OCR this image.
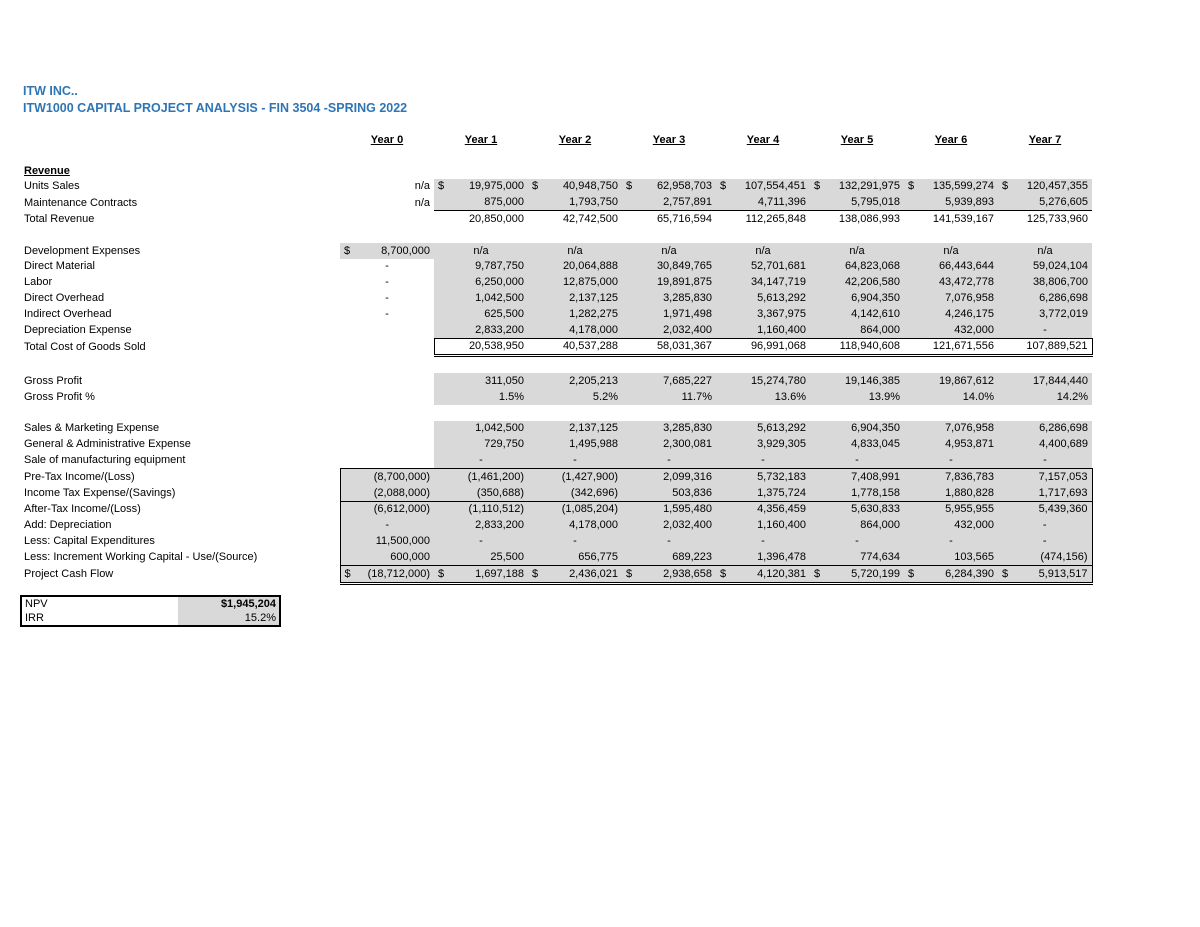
ITW INC..
ITW1000 CAPITAL PROJECT ANALYSIS - FIN 3504 -SPRING 2022
	Year 0	Year 1	Year 2	Year 3	Year 4	Year 5	Year 6	Year 7

Revenue								
Units Sales	n/a	$ 19,975,000	$ 40,948,750	$ 62,958,703	$ 107,554,451	$ 132,291,975	$ 135,599,274	$ 120,457,355

Maintenance Contracts	n/a	875,000	1,793,750	2,757,891	4,711,396	5,795,018	5,939,893	5,276,605
Total Revenue		20,850,000	42,742,500	65,716,594	112,265,848	138,086,993	141,539,167	125,733,960

Development Expenses	$ 8,700,000	n/a	n/a	n/a	n/a	n/a	n/a	n/a
Direct Material	-	9,787,750	20,064,888	30,849,765	52,701,681	64,823,068	66,443,644	59,024,104
Labor	-	6,250,000	12,875,000	19,891,875	34,147,719	42,206,580	43,472,778	38,806,700
Direct Overhead	-	1,042,500	2,137,125	3,285,830	5,613,292	6,904,350	7,076,958	6,286,698
Indirect Overhead	-	625,500	1,282,275	1,971,498	3,367,975	4,142,610	4,246,175	3,772,019
Depreciation Expense		2,833,200	4,178,000	2,032,400	1,160,400	864,000	432,000	-
Total Cost of Goods Sold		20,538,950	40,537,288	58,031,367	96,991,068	118,940,608	121,671,556	107,889,521

Gross Profit		311,050	2,205,213	7,685,227	15,274,780	19,146,385	19,867,612	17,844,440
Gross Profit %		1.5%	5.2%	11.7%	13.6%	13.9%	14.0%	14.2%

Sales & Marketing Expense		1,042,500	2,137,125	3,285,830	5,613,292	6,904,350	7,076,958	6,286,698
General & Administrative Expense		729,750	1,495,988	2,300,081	3,929,305	4,833,045	4,953,871	4,400,689
Sale of manufacturing equipment		-	-	-	-	-	-	-
Pre-Tax Income/(Loss)	(8,700,000)	(1,461,200)	(1,427,900)	2,099,316	5,732,183	7,408,991	7,836,783	7,157,053
Income Tax Expense/(Savings)	(2,088,000)	(350,688)	(342,696)	503,836	1,375,724	1,778,158	1,880,828	1,717,693
After-Tax Income/(Loss)	(6,612,000)	(1,110,512)	(1,085,204)	1,595,480	4,356,459	5,630,833	5,955,955	5,439,360
Add: Depreciation	-	2,833,200	4,178,000	2,032,400	1,160,400	864,000	432,000	-
Less: Capital Expenditures	11,500,000	-	-	-	-	-	-	-
Less: Increment Working Capital - Use/(Source)	600,000	25,500	656,775	689,223	1,396,478	774,634	103,565	(474,156)
Project Cash Flow	$ (18,712,000)	$ 1,697,188	$ 2,436,021	$ 2,938,658	$ 4,120,381	$ 5,720,199	$ 6,284,390	$ 5,913,517
NPV	$1,945,204
IRR	15.2%
